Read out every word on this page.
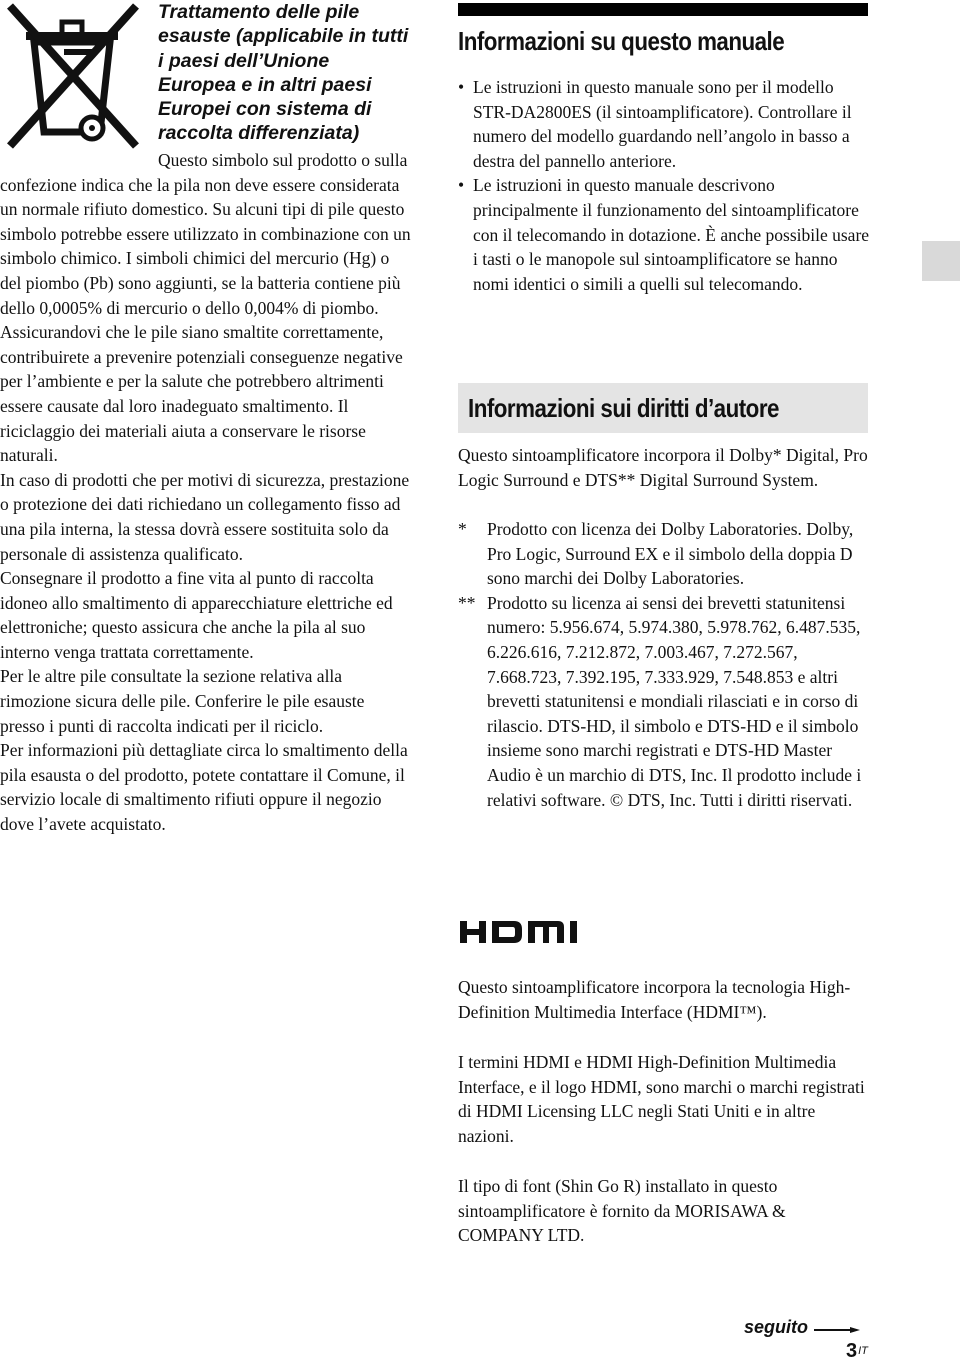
Trattamento delle pile esauste (applicabile in tutti i paesi dell’Unione Europea e in altri paesi Europei con sistema di raccolta differenziata)

Questo simbolo sul prodotto o sulla confezione indica che la pila non deve essere considerata un normale rifiuto domestico. Su alcuni tipi di pile questo simbolo potrebbe essere utilizzato in combinazione con un simbolo chimico. I simboli chimici del mercurio (Hg) o del piombo (Pb) sono aggiunti, se la batteria contiene più dello 0,0005% di mercurio o dello 0,004% di piombo.

Assicurandovi che le pile siano smaltite correttamente, contribuirete a prevenire potenziali conseguenze negative per l’ambiente e per la salute che potrebbero altrimenti essere causate dal loro inadeguato smaltimento. Il riciclaggio dei materiali aiuta a conservare le risorse naturali.

In caso di prodotti che per motivi di sicurezza, prestazione o protezione dei dati richiedano un collegamento fisso ad una pila interna, la stessa dovrà essere sostituita solo da personale di assistenza qualificato.

Consegnare il prodotto a fine vita al punto di raccolta idoneo allo smaltimento di apparecchiature elettriche ed elettroniche; questo assicura che anche la pila al suo interno venga trattata correttamente.

Per le altre pile consultate la sezione relativa alla rimozione sicura delle pile. Conferire le pile esauste presso i punti di raccolta indicati per il riciclo.

Per informazioni più dettagliate circa lo smaltimento della pila esausta o del prodotto, potete contattare il Comune, il servizio locale di smaltimento rifiuti oppure il negozio dove l’avete acquistato.

Informazioni su questo manuale
• Le istruzioni in questo manuale sono per il modello STR-DA2800ES (il sintoamplificatore). Controllare il numero del modello guardando nell’angolo in basso a destra del pannello anteriore.
• Le istruzioni in questo manuale descrivono principalmente il funzionamento del sintoamplificatore con il telecomando in dotazione. È anche possibile usare i tasti o le manopole sul sintoamplificatore se hanno nomi identici o simili a quelli sul telecomando.
Informazioni sui diritti d’autore

Questo sintoamplificatore incorpora il Dolby* Digital, Pro Logic Surround e DTS** Digital Surround System.

* Prodotto con licenza dei Dolby Laboratories. Dolby, Pro Logic, Surround EX e il simbolo della doppia D sono marchi dei Dolby Laboratories.
** Prodotto su licenza ai sensi dei brevetti statunitensi numero: 5.956.674, 5.974.380, 5.978.762, 6.487.535, 6.226.616, 7.212.872, 7.003.467, 7.272.567, 7.668.723, 7.392.195, 7.333.929, 7.548.853 e altri brevetti statunitensi e mondiali rilasciati e in corso di rilascio. DTS-HD, il simbolo e DTS-HD e il simbolo insieme sono marchi registrati e DTS-HD Master Audio è un marchio di DTS, Inc. Il prodotto include i relativi software. © DTS, Inc. Tutti i diritti riservati.

Questo sintoamplificatore incorpora la tecnologia High-Definition Multimedia Interface (HDMI™).

I termini HDMI e HDMI High-Definition Multimedia Interface, e il logo HDMI, sono marchi o marchi registrati di HDMI Licensing LLC negli Stati Uniti e in altre nazioni.

Il tipo di font (Shin Go R) installato in questo sintoamplificatore è fornito da MORISAWA & COMPANY LTD.

seguito

$3^{IT}$
